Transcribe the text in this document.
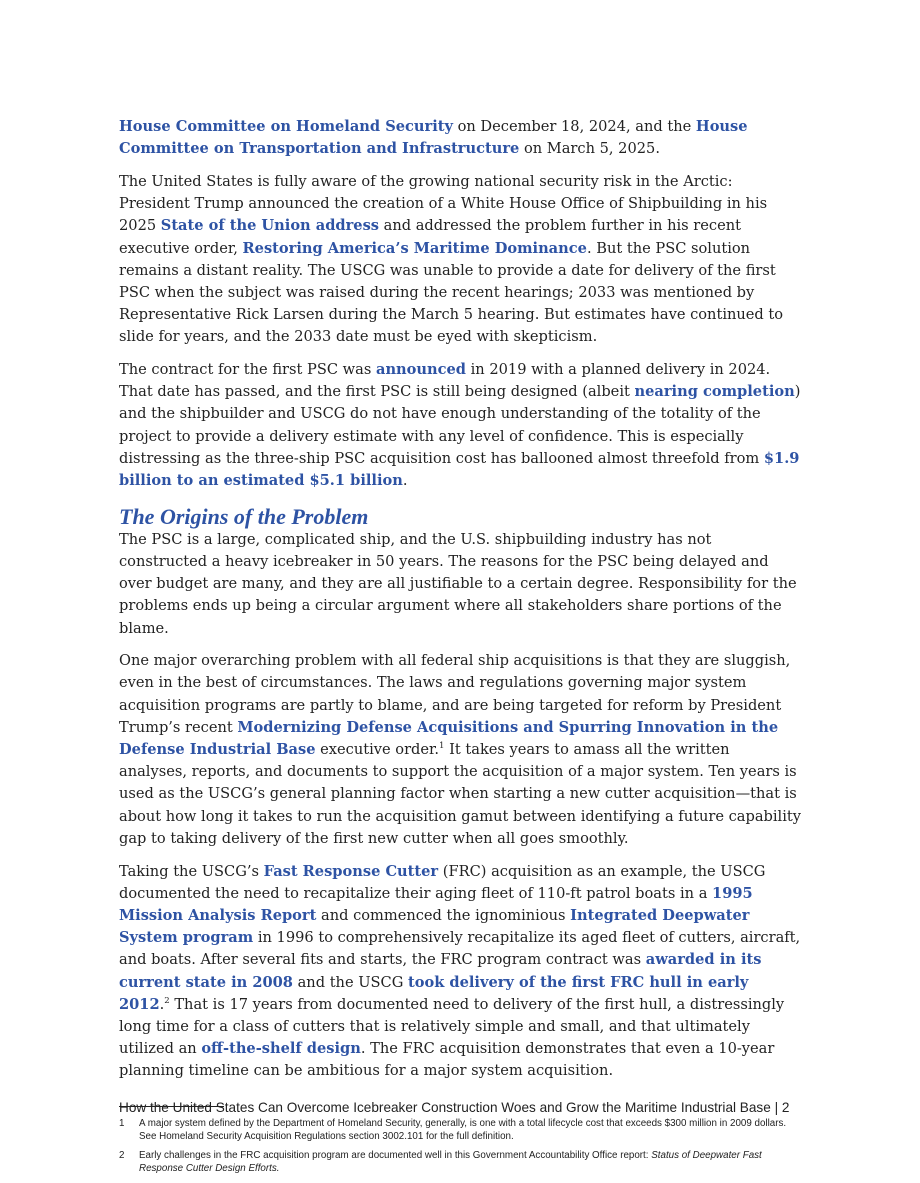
House Committee on Homeland Security on December 18, 2024, and the House Committee on Transportation and Infrastructure on March 5, 2025.

The United States is fully aware of the growing national security risk in the Arctic: President Trump announced the creation of a White House Office of Shipbuilding in his 2025 State of the Union address and addressed the problem further in his recent executive order, Restoring America’s Maritime Dominance. But the PSC solution remains a distant reality. The USCG was unable to provide a date for delivery of the first PSC when the subject was raised during the recent hearings; 2033 was mentioned by Representative Rick Larsen during the March 5 hearing. But estimates have continued to slide for years, and the 2033 date must be eyed with skepticism.

The contract for the first PSC was announced in 2019 with a planned delivery in 2024. That date has passed, and the first PSC is still being designed (albeit nearing completion) and the shipbuilder and USCG do not have enough understanding of the totality of the project to provide a delivery estimate with any level of confidence. This is especially distressing as the three-ship PSC acquisition cost has ballooned almost threefold from $1.9 billion to an estimated $5.1 billion.

The Origins of the Problem

The PSC is a large, complicated ship, and the U.S. shipbuilding industry has not constructed a heavy icebreaker in 50 years. The reasons for the PSC being delayed and over budget are many, and they are all justifiable to a certain degree. Responsibility for the problems ends up being a circular argument where all stakeholders share portions of the blame.

One major overarching problem with all federal ship acquisitions is that they are sluggish, even in the best of circumstances. The laws and regulations governing major system acquisition programs are partly to blame, and are being targeted for reform by President Trump’s recent Modernizing Defense Acquisitions and Spurring Innovation in the Defense Industrial Base executive order.$^1$ It takes years to amass all the written analyses, reports, and documents to support the acquisition of a major system. Ten years is used as the USCG’s general planning factor when starting a new cutter acquisition—that is about how long it takes to run the acquisition gamut between identifying a future capability gap to taking delivery of the first new cutter when all goes smoothly.

Taking the USCG’s Fast Response Cutter (FRC) acquisition as an example, the USCG documented the need to recapitalize their aging fleet of 110-ft patrol boats in a 1995 Mission Analysis Report and commenced the ignominious Integrated Deepwater System program in 1996 to comprehensively recapitalize its aged fleet of cutters, aircraft, and boats. After several fits and starts, the FRC program contract was awarded in its current state in 2008 and the USCG took delivery of the first FRC hull in early 2012.$^2$ That is 17 years from documented need to delivery of the first hull, a distressingly long time for a class of cutters that is relatively simple and small, and that ultimately utilized an off-the-shelf design. The FRC acquisition demonstrates that even a 10-year planning timeline can be ambitious for a major system acquisition.

1	A major system defined by the Department of Homeland Security, generally, is one with a total lifecycle cost that exceeds $300 million in 2009 dollars. See Homeland Security Acquisition Regulations section 3002.101 for the full definition.
2	Early challenges in the FRC acquisition program are documented well in this Government Accountability Office report: Status of Deepwater Fast Response Cutter Design Efforts.
How the United States Can Overcome Icebreaker Construction Woes and Grow the Maritime Industrial Base | 2
